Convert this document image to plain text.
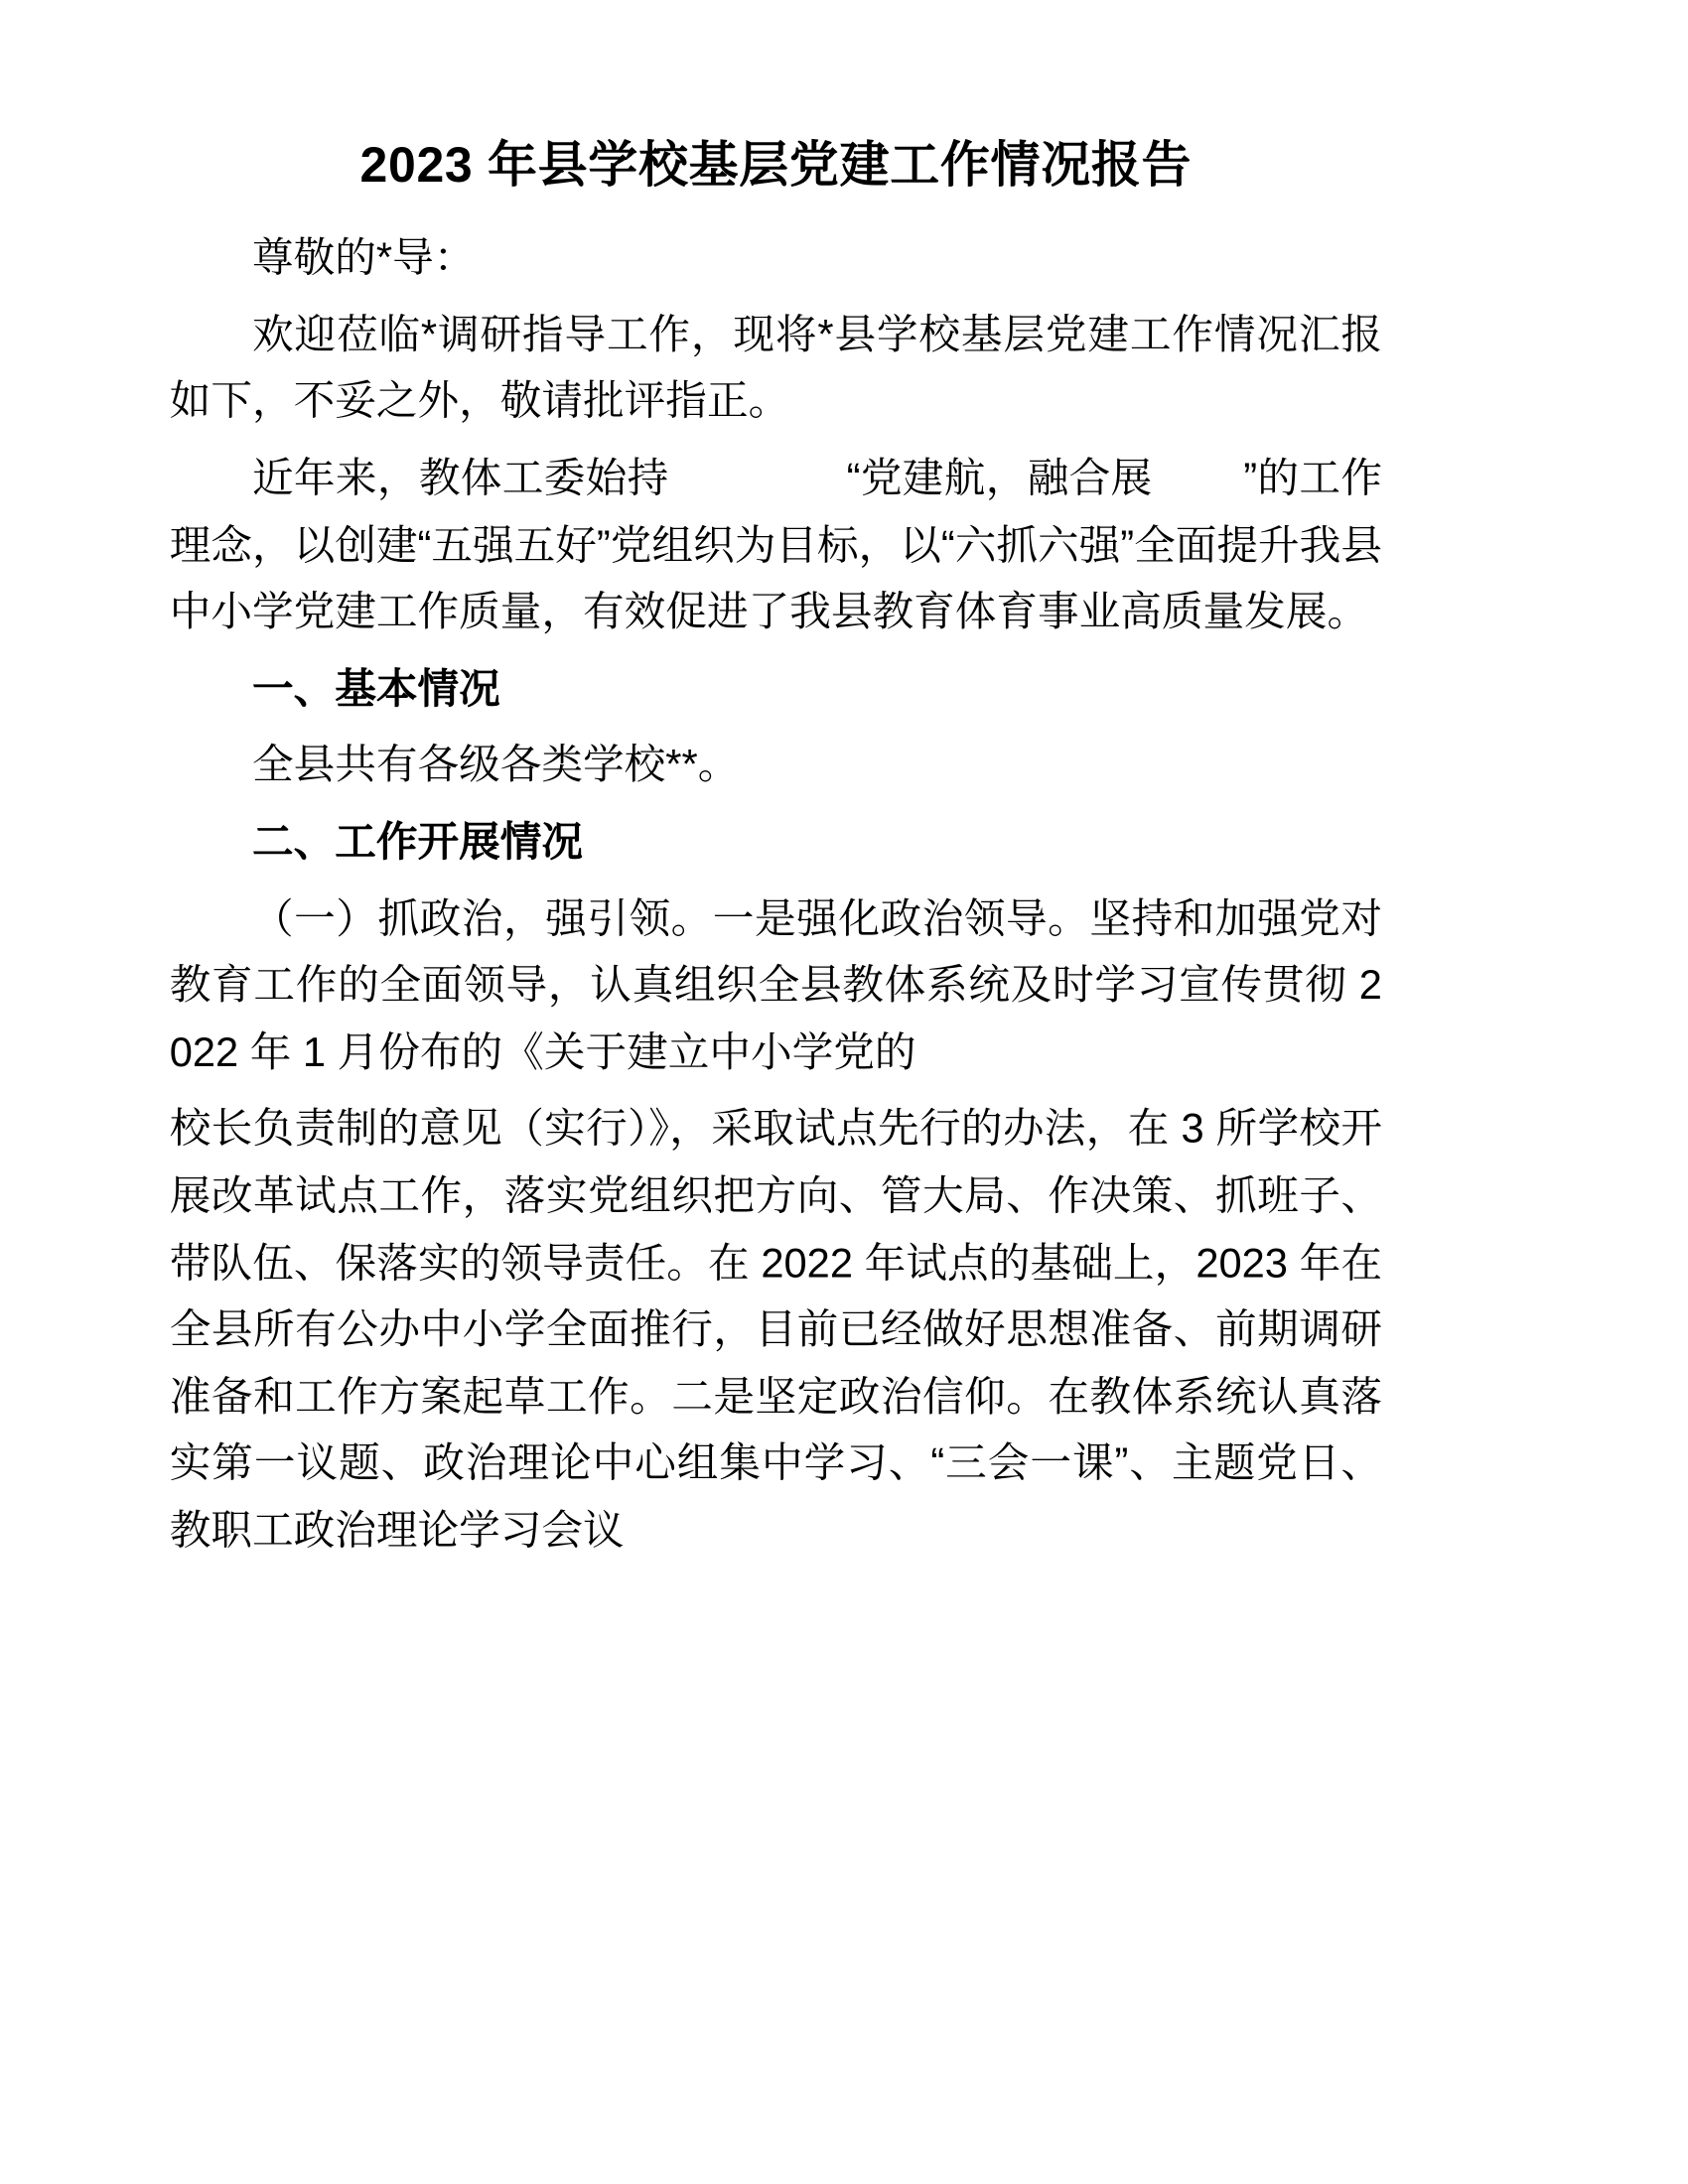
2023 年县学校基层党建工作情况报告

尊敬的*导：

欢迎莅临*调研指导工作，现将*县学校基层党建工作情况汇报如下，不妥之外，敬请批评指正。

近年来，教体工委始持	“党建航，融合展	”的工作理念，以创建“五强五好”党组织为目标，以“六抓六强”全面提升我县中小学党建工作质量，有效促进了我县教育体育事业高质量发展。

一、基本情况

全县共有各级各类学校**。

二、工作开展情况

（一）抓政治，强引领。一是强化政治领导。坚持和加强党对教育工作的全面领导，认真组织全县教体系统及时学习宣传贯彻 2022 年 1 月份布的《关于建立中小学党的

校长负责制的意见（实行）》，采取试点先行的办法，在 3 所学校开展改革试点工作，落实党组织把方向、管大局、作决策、抓班子、带队伍、保落实的领导责任。在 2022 年试点的基础上，2023 年在全县所有公办中小学全面推行，目前已经做好思想准备、前期调研准备和工作方案起草工作。二是坚定政治信仰。在教体系统认真落实第一议题、政治理论中心组集中学习、“三会一课”、主题党日、教职工政治理论学习会议
